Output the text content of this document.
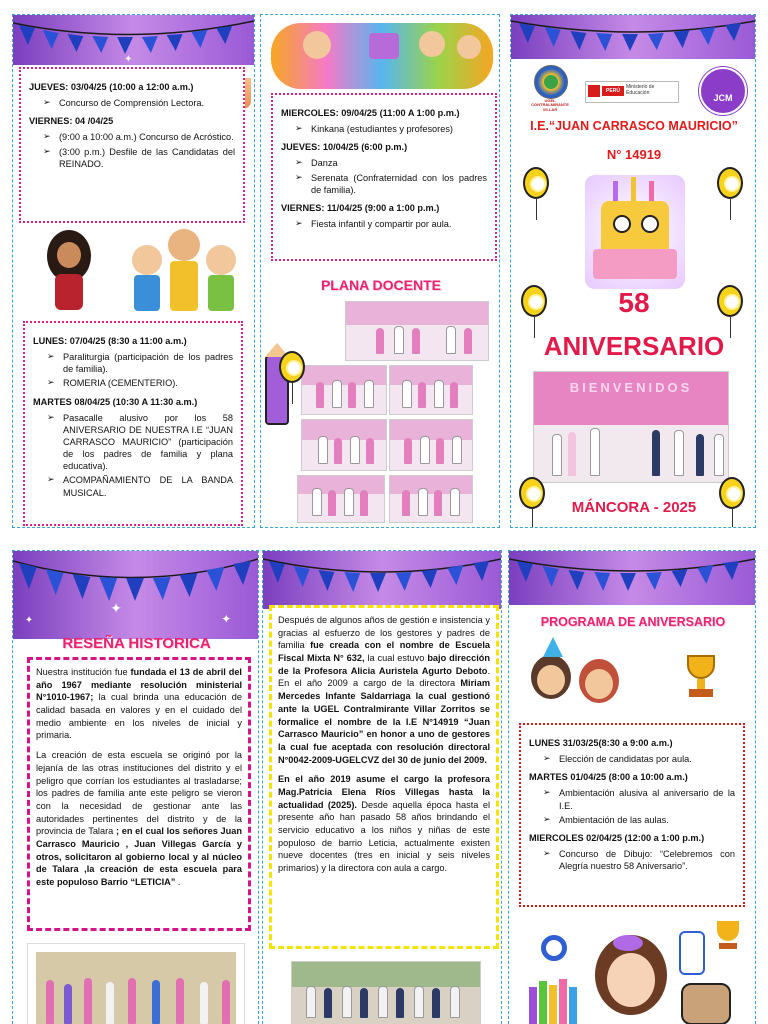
✦
JUEVES: 03/04/25 (10:00 a 12:00 a.m.)
➢ Concurso de Comprensión Lectora.
VIERNES: 04 /04/25
➢ (9:00 a 10:00 a.m.) Concurso de Acróstico.
➢ (3:00 p.m.) Desfile de las Candidatas del REINADO.
LUNES: 07/04/25 (8:30 a 11:00 a.m.)
➢ Paraliturgia (participación de los padres de familia).
➢ ROMERIA (CEMENTERIO).
MARTES 08/04/25 (10:30 A 11:30 a.m.)
➢ Pasacalle alusivo por los 58 ANIVERSARIO DE NUESTRA I.E “JUAN CARRASCO MAURICIO” (participación de los padres de familia y plana educativa).
➢ ACOMPAÑAMIENTO DE LA BANDA MUSICAL.
MIERCOLES: 09/04/25 (11:00 A 1:00 p.m.)
➢ Kinkana (estudiantes y profesores)
JUEVES: 10/04/25 (6:00 p.m.)
➢ Danza
➢ Serenata (Confraternidad con los padres de familia).
VIERNES: 11/04/25 (9:00 a 1:00 p.m.)
➢ Fiesta infantil y compartir por aula.
PLANA DOCENTE
UGEL CONTRALMIRANTE VILLAR
PERÚ
Ministerio de Educación
JCM
I.E.“JUAN CARRASCO MAURICIO”
N° 14919
58
ANIVERSARIO
BIENVENIDOS
MÁNCORA - 2025
✦
✦	✦
RESEÑA HISTORICA

Nuestra institución fue fundada el 13 de abril del año 1967 mediante resolución ministerial N°1010-1967; la cual brinda una educación de calidad basada en valores y en el cuidado del medio ambiente en los niveles de inicial y primaria.

La creación de esta escuela se originó por la lejanía de las otras instituciones del distrito y el peligro que corrían los estudiantes al trasladarse; los padres de familia ante este peligro se vieron con la necesidad de gestionar ante las autoridades pertinentes del distrito y de la provincia de Talara ; en el cual los señores Juan Carrasco Mauricio , Juan Villegas García y otros, solicitaron al gobierno local y al núcleo de Talara ,la creación de esta escuela para este populoso Barrio “LETICIA” .

Después de algunos años de gestión e insistencia y gracias al esfuerzo de los gestores y padres de familia fue creada con el nombre de Escuela Fiscal Mixta N° 632, la cual estuvo bajo dirección de la Profesora Alicia Auristela Agurto Deboto. En el año 2009 a cargo de la directora Miriam Mercedes Infante Saldarriaga la cual gestionó ante la UGEL Contralmirante Villar Zorritos se formalice el nombre de la I.E N°14919 “Juan Carrasco Mauricio” en honor a uno de gestores la cual fue aceptada con resolución directoral N°0042-2009-UGELCVZ del 30 de junio del 2009.

En el año 2019 asume el cargo la profesora Mag.Patricia Elena Ríos Villegas hasta la actualidad (2025). Desde aquella época hasta el presente año han pasado 58 años brindando el servicio educativo a los niños y niñas de este populoso de barrio Leticia, actualmente existen nueve docentes (tres en inicial y seis niveles primarios) y la directora con aula a cargo.

PROGRAMA DE ANIVERSARIO
LUNES 31/03/25(8:30 a 9:00 a.m.)
➢ Elección de candidatas por aula.
MARTES 01/04/25 (8:00 a 10:00 a.m.)
➢ Ambientación alusiva al aniversario de la I.E.
➢ Ambientación de las aulas.
MIERCOLES 02/04/25 (12:00 a 1:00 p.m.)
➢ Concurso de Dibujo: “Celebremos con Alegría nuestro 58 Aniversario”.
